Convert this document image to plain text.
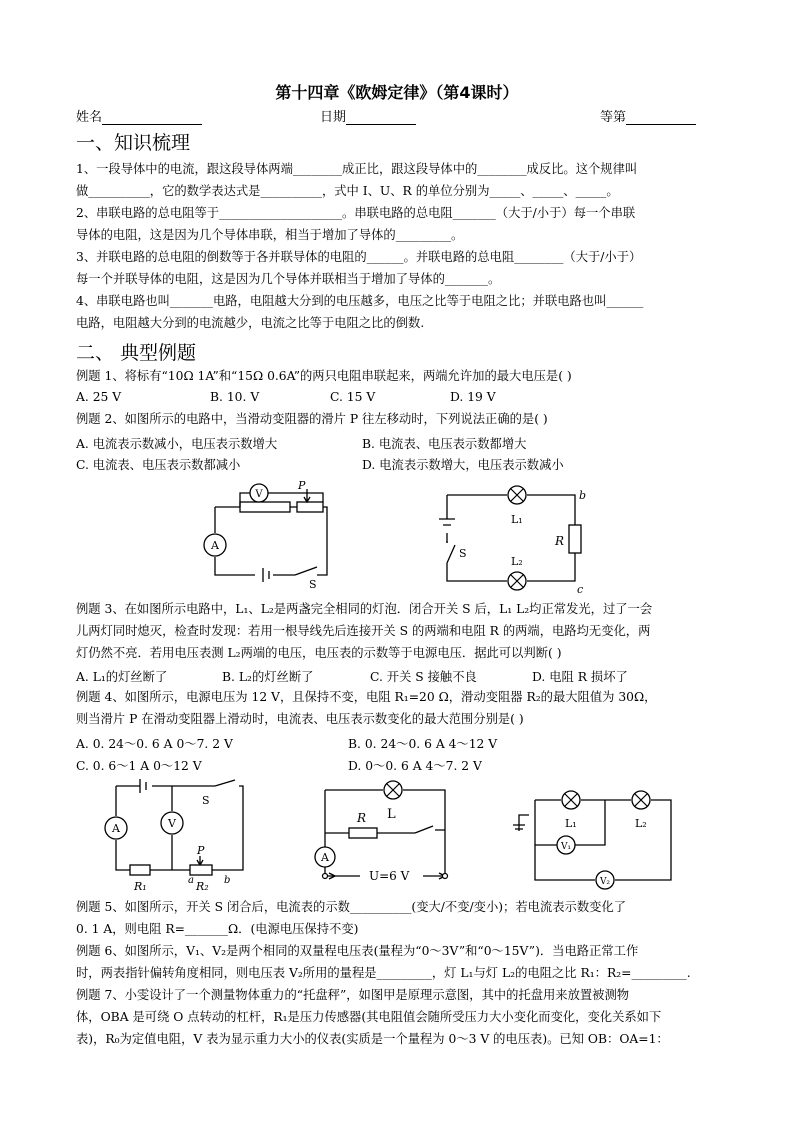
第十四章《欧姆定律》（第4课时）
姓名	日期	等第
一、知识梳理
1、一段导体中的电流，跟这段导体两端________成正比，跟这段导体中的________成反比。这个规律叫
做__________，它的数学表达式是__________，式中 I、U、R 的单位分别为_____、_____、_____。
2、串联电路的总电阻等于____________________。串联电路的总电阻_______（大于/小于）每一个串联
导体的电阻，这是因为几个导体串联，相当于增加了导体的_________。
3、并联电路的总电阻的倒数等于各并联导体的电阻的______。并联电路的总电阻________（大于/小于）
每一个并联导体的电阻，这是因为几个导体并联相当于增加了导体的_______。
4、串联电路也叫_______电路，电阻越大分到的电压越多，电压之比等于电阻之比；并联电路也叫______
电路，电阻越大分到的电流越少，电流之比等于电阻之比的倒数.
二、 典型例题
例题 1、将标有“10Ω 1A”和“15Ω 0.6A”的两只电阻串联起来，两端允许加的最大电压是( )
A. 25 V	B. 10. V	C. 15 V	D. 19 V
例题 2、如图所示的电路中，当滑动变阻器的滑片 P 往左移动时，下列说法正确的是( )
A. 电流表示数减小，电压表示数增大	B. 电流表、电压表示数都增大
C. 电流表、电压表示数都减小	D. 电流表示数增大，电压表示数减小
V
A
P
S
L₁
L₂
R
S
b
c
例题 3、在如图所示电路中，L₁、L₂是两盏完全相同的灯泡．闭合开关 S 后，L₁ L₂均正常发光，过了一会
儿两灯同时熄灭，检查时发现：若用一根导线先后连接开关 S 的两端和电阻 R 的两端，电路均无变化，两
灯仍然不亮．若用电压表测 L₂两端的电压，电压表的示数等于电源电压．据此可以判断( )
A. L₁的灯丝断了	B. L₂的灯丝断了	C. 开关 S 接触不良	D. 电阻 R 损坏了
例题 4、如图所示，电源电压为 12 V，且保持不变，电阻 R₁=20 Ω，滑动变阻器 R₂的最大阻值为 30Ω，
则当滑片 P 在滑动变阻器上滑动时，电流表、电压表示数变化的最大范围分别是( )
A. 0. 24～0. 6 A 0～7. 2 V	B. 0. 24～0. 6 A 4～12 V
C. 0. 6～1 A 0～12 V	D. 0～0. 6 A 4～7. 2 V
A	V
S
P
a	b
R₁	R₂
L
R
A
U=6 V
L₁	L₂
V₁
V₂
例题 5、如图所示，开关 S 闭合后，电流表的示数__________(变大/不变/变小)；若电流表示数变化了
0. 1 A，则电阻 R=_______Ω．(电源电压保持不变)
例题 6、如图所示，V₁、V₂是两个相同的双量程电压表(量程为“0～3V”和“0～15V”)．当电路正常工作
时，两表指针偏转角度相同，则电压表 V₂所用的量程是_________，灯 L₁与灯 L₂的电阻之比 R₁：R₂=_________.
例题 7、小雯设计了一个测量物体重力的“托盘秤”，如图甲是原理示意图，其中的托盘用来放置被测物
体，OBA 是可绕 O 点转动的杠杆，R₁是压力传感器(其电阻值会随所受压力大小变化而变化，变化关系如下
表)，R₀为定值电阻，V 表为显示重力大小的仪表(实质是一个量程为 0～3 V 的电压表)。已知 OB：OA=1：
